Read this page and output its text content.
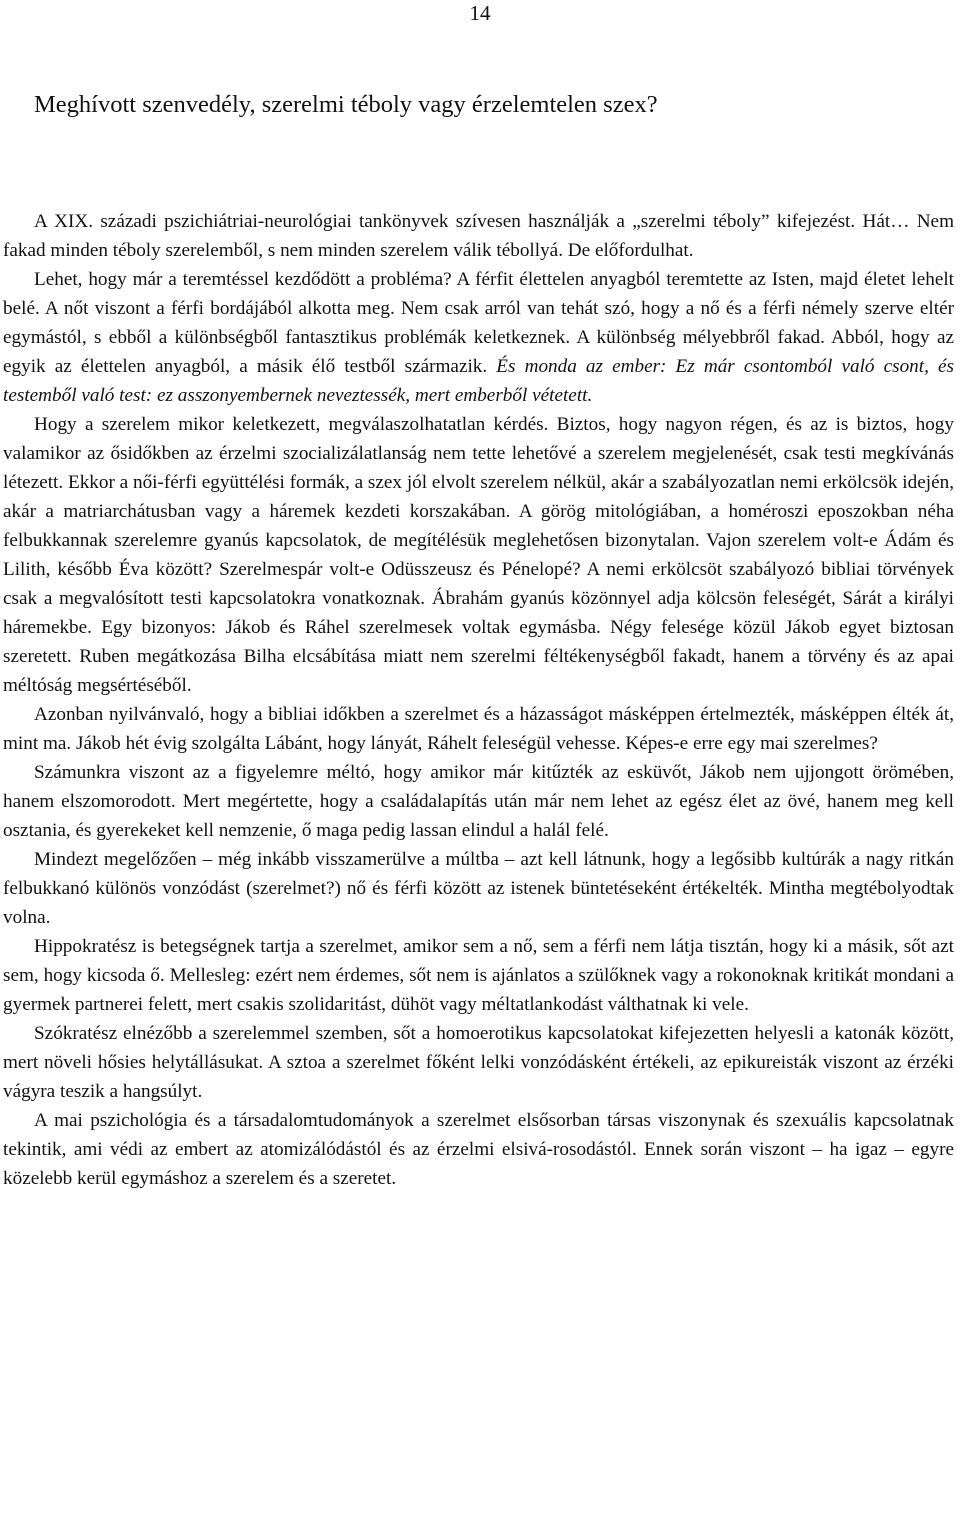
14
Meghívott szenvedély, szerelmi téboly vagy érzelemtelen szex?

A XIX. századi pszichiátriai-neurológiai tankönyvek szívesen használják a „szerelmi téboly” kifejezést. Hát… Nem fakad minden téboly szerelemből, s nem minden szerelem válik tébollyá. De előfordulhat.

Lehet, hogy már a teremtéssel kezdődött a probléma? A férfit élettelen anyagból teremtette az Isten, majd életet lehelt belé. A nőt viszont a férfi bordájából alkotta meg. Nem csak arról van tehát szó, hogy a nő és a férfi némely szerve eltér egymástól, s ebből a különbségből fantasztikus problémák keletkeznek. A különbség mélyebbről fakad. Abból, hogy az egyik az élettelen anyagból, a másik élő testből származik. És monda az ember: Ez már csontomból való csont, és testemből való test: ez asszonyembernek neveztessék, mert emberből vétetett.

Hogy a szerelem mikor keletkezett, megválaszolhatatlan kérdés. Biztos, hogy nagyon régen, és az is biztos, hogy valamikor az ősidőkben az érzelmi szocializálatlanság nem tette lehetővé a szerelem megjelenését, csak testi megkívánás létezett. Ekkor a női-férfi együttélési formák, a szex jól elvolt szerelem nélkül, akár a szabályozatlan nemi erkölcsök idején, akár a matriarchátusban vagy a háremek kezdeti korszakában. A görög mitológiában, a homéroszi eposzokban néha felbukkannak szerelemre gyanús kapcsolatok, de megítélésük meglehetősen bizonytalan. Vajon szerelem volt-e Ádám és Lilith, később Éva között? Szerelmespár volt-e Odüsszeusz és Pénelopé? A nemi erkölcsöt szabályozó bibliai törvények csak a megvalósított testi kapcsolatokra vonatkoznak. Ábrahám gyanús közönnyel adja kölcsön feleségét, Sárát a királyi háremekbe. Egy bizonyos: Jákob és Ráhel szerelmesek voltak egymásba. Négy felesége közül Jákob egyet biztosan szeretett. Ruben megátkozása Bilha elcsábítása miatt nem szerelmi féltékenységből fakadt, hanem a törvény és az apai méltóság megsértéséből.

Azonban nyilvánvaló, hogy a bibliai időkben a szerelmet és a házasságot másképpen értelmezték, másképpen élték át, mint ma. Jákob hét évig szolgálta Lábánt, hogy lányát, Ráhelt feleségül vehesse. Képes-e erre egy mai szerelmes?

Számunkra viszont az a figyelemre méltó, hogy amikor már kitűzték az esküvőt, Jákob nem ujjongott örömében, hanem elszomorodott. Mert megértette, hogy a családalapítás után már nem lehet az egész élet az övé, hanem meg kell osztania, és gyerekeket kell nemzenie, ő maga pedig lassan elindul a halál felé.

Mindezt megelőzően – még inkább visszamerülve a múltba – azt kell látnunk, hogy a legősibb kultúrák a nagy ritkán felbukkanó különös vonzódást (szerelmet?) nő és férfi között az istenek büntetéseként értékelték. Mintha megtébolyodtak volna.

Hippokratész is betegségnek tartja a szerelmet, amikor sem a nő, sem a férfi nem látja tisztán, hogy ki a másik, sőt azt sem, hogy kicsoda ő. Mellesleg: ezért nem érdemes, sőt nem is ajánlatos a szülőknek vagy a rokonoknak kritikát mondani a gyermek partnerei felett, mert csakis szolidaritást, dühöt vagy méltatlankodást válthatnak ki vele.

Szókratész elnézőbb a szerelemmel szemben, sőt a homoerotikus kapcsolatokat kifejezetten helyesli a katonák között, mert növeli hősies helytállásukat. A sztoa a szerelmet főként lelki vonzódásként értékeli, az epikureisták viszont az érzéki vágyra teszik a hangsúlyt.

A mai pszichológia és a társadalomtudományok a szerelmet elsősorban társas viszonynak és szexuális kapcsolatnak tekintik, ami védi az embert az atomizálódástól és az érzelmi elsivá-rosodástól. Ennek során viszont – ha igaz – egyre közelebb kerül egymáshoz a szerelem és a szeretet.
